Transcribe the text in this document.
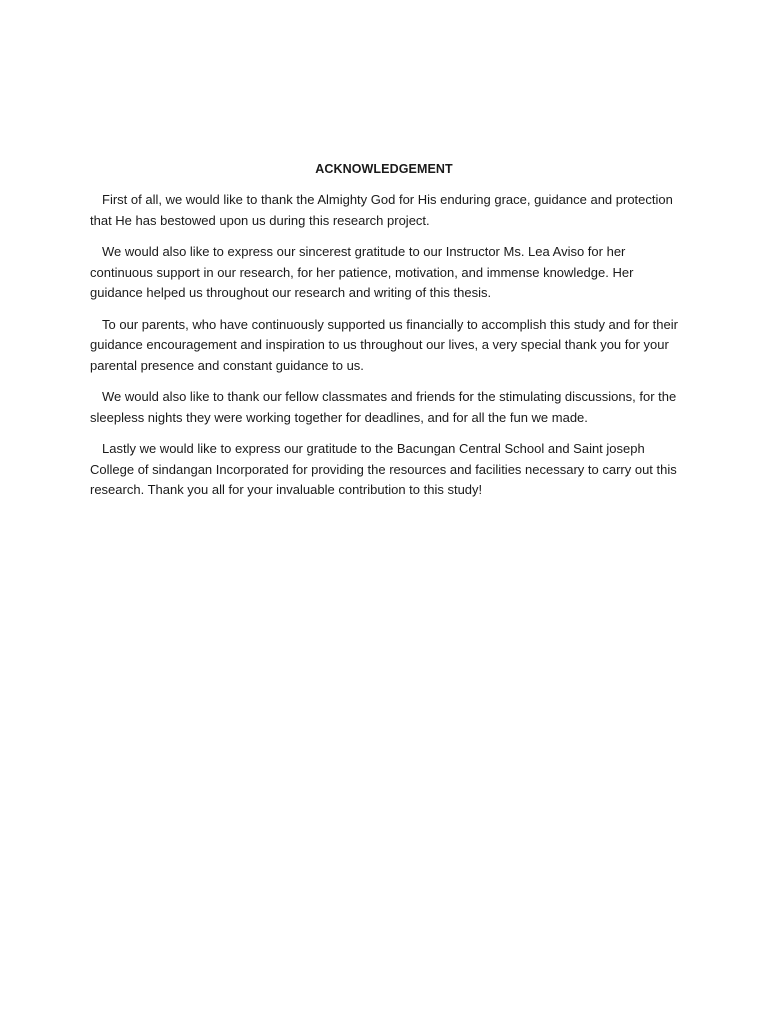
ACKNOWLEDGEMENT

First of all, we would like to thank the Almighty God for His enduring grace, guidance and protection that He has bestowed upon us during this research project.

We would also like to express our sincerest gratitude to our Instructor Ms. Lea Aviso for her continuous support in our research, for her patience, motivation, and immense knowledge. Her guidance helped us throughout our research and writing of this thesis.

To our parents, who have continuously supported us financially to accomplish this study and for their guidance encouragement and inspiration to us throughout our lives, a very special thank you for your parental presence and constant guidance to us.

We would also like to thank our fellow classmates and friends for the stimulating discussions, for the sleepless nights they were working together for deadlines, and for all the fun we made.

Lastly we would like to express our gratitude to the Bacungan Central School and Saint joseph College of sindangan Incorporated for providing the resources and facilities necessary to carry out this research. Thank you all for your invaluable contribution to this study!
